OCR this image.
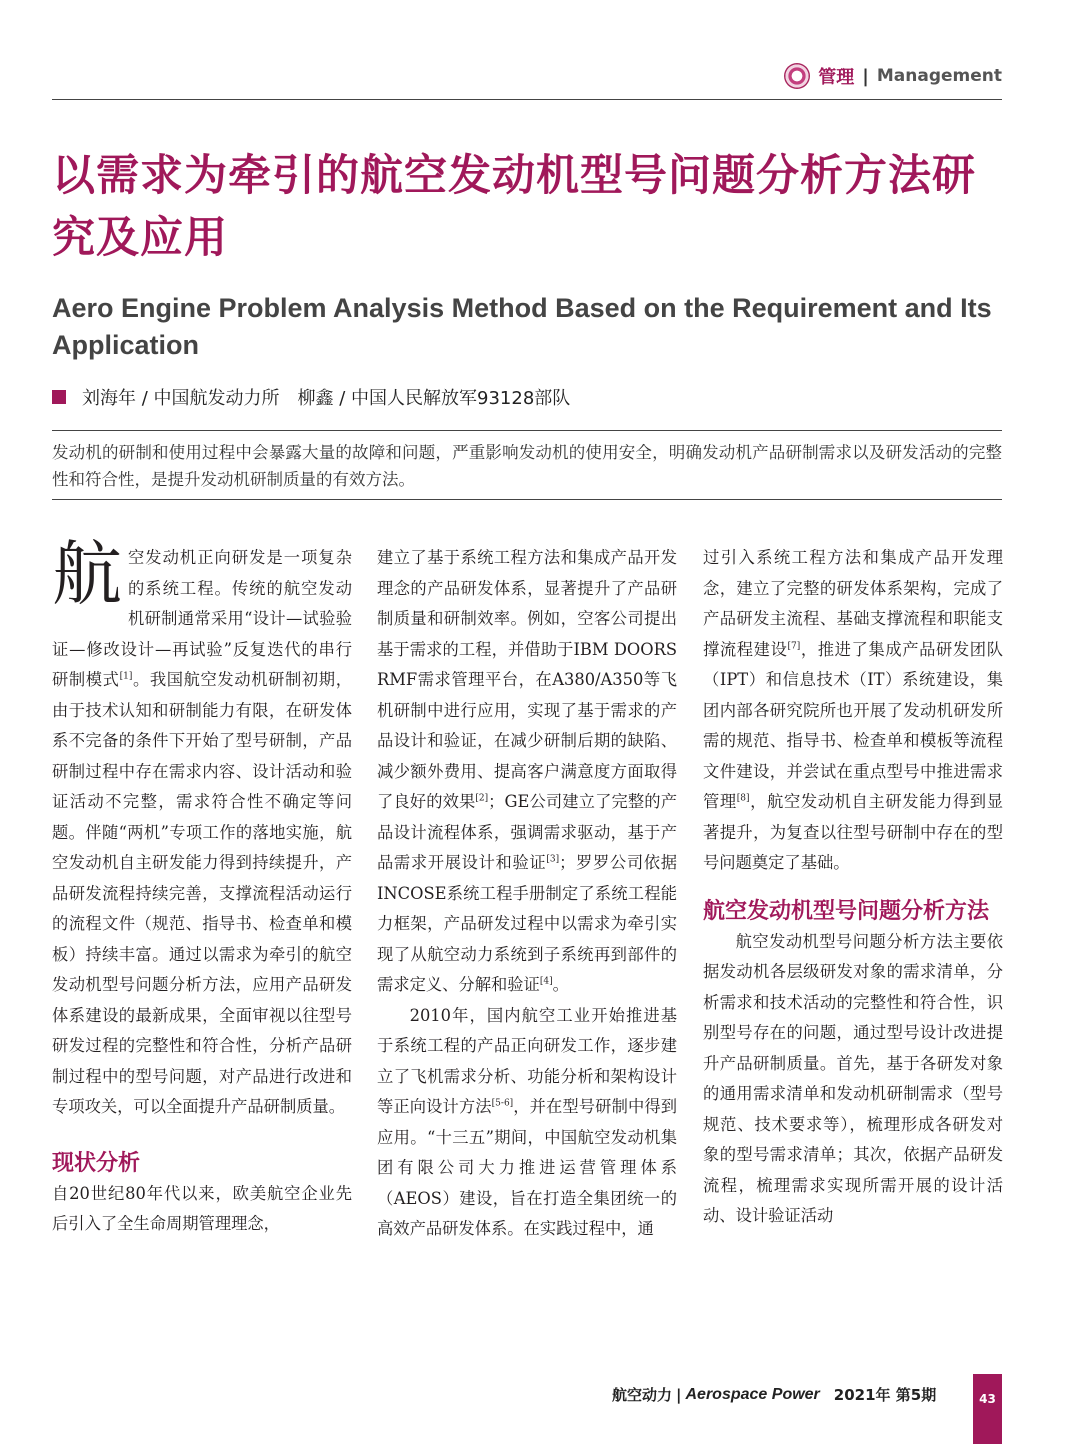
管理 | Management
以需求为牵引的航空发动机型号问题分析方法研究及应用
Aero Engine Problem Analysis Method Based on the Requirement and Its Application
刘海年 / 中国航发动力所　柳鑫 / 中国人民解放军93128部队
发动机的研制和使用过程中会暴露大量的故障和问题，严重影响发动机的使用安全，明确发动机产品研制需求以及研发活动的完整性和符合性，是提升发动机研制质量的有效方法。

航空发动机正向研发是一项复杂的系统工程。传统的航空发动机研制通常采用“设计—试验验证—修改设计—再试验”反复迭代的串行研制模式[1]。我国航空发动机研制初期，由于技术认知和研制能力有限，在研发体系不完备的条件下开始了型号研制，产品研制过程中存在需求内容、设计活动和验证活动不完整，需求符合性不确定等问题。伴随“两机”专项工作的落地实施，航空发动机自主研发能力得到持续提升，产品研发流程持续完善，支撑流程活动运行的流程文件（规范、指导书、检查单和模板）持续丰富。通过以需求为牵引的航空发动机型号问题分析方法，应用产品研发体系建设的最新成果，全面审视以往型号研发过程的完整性和符合性，分析产品研制过程中的型号问题，对产品进行改进和专项攻关，可以全面提升产品研制质量。

现状分析

自20世纪80年代以来，欧美航空企业先后引入了全生命周期管理理念，

建立了基于系统工程方法和集成产品开发理念的产品研发体系，显著提升了产品研制质量和研制效率。例如，空客公司提出基于需求的工程，并借助于IBM DOORS RMF需求管理平台，在A380/A350等飞机研制中进行应用，实现了基于需求的产品设计和验证，在减少研制后期的缺陷、减少额外费用、提高客户满意度方面取得了良好的效果[2]；GE公司建立了完整的产品设计流程体系，强调需求驱动，基于产品需求开展设计和验证[3]；罗罗公司依据INCOSE系统工程手册制定了系统工程能力框架，产品研发过程中以需求为牵引实现了从航空动力系统到子系统再到部件的需求定义、分解和验证[4]。

2010年，国内航空工业开始推进基于系统工程的产品正向研发工作，逐步建立了飞机需求分析、功能分析和架构设计等正向设计方法[5-6]，并在型号研制中得到应用。“十三五”期间，中国航空发动机集团有限公司大力推进运营管理体系（AEOS）建设，旨在打造全集团统一的高效产品研发体系。在实践过程中，通

过引入系统工程方法和集成产品开发理念，建立了完整的研发体系架构，完成了产品研发主流程、基础支撑流程和职能支撑流程建设[7]，推进了集成产品研发团队（IPT）和信息技术（IT）系统建设，集团内部各研究院所也开展了发动机研发所需的规范、指导书、检查单和模板等流程文件建设，并尝试在重点型号中推进需求管理[8]，航空发动机自主研发能力得到显著提升，为复查以往型号研制中存在的型号问题奠定了基础。

航空发动机型号问题分析方法

航空发动机型号问题分析方法主要依据发动机各层级研发对象的需求清单，分析需求和技术活动的完整性和符合性，识别型号存在的问题，通过型号设计改进提升产品研制质量。首先，基于各研发对象的通用需求清单和发动机研制需求（型号规范、技术要求等），梳理形成各研发对象的型号需求清单；其次，依据产品研发流程，梳理需求实现所需开展的设计活动、设计验证活动

航空动力 | Aerospace Power 2021年 第5期	43
